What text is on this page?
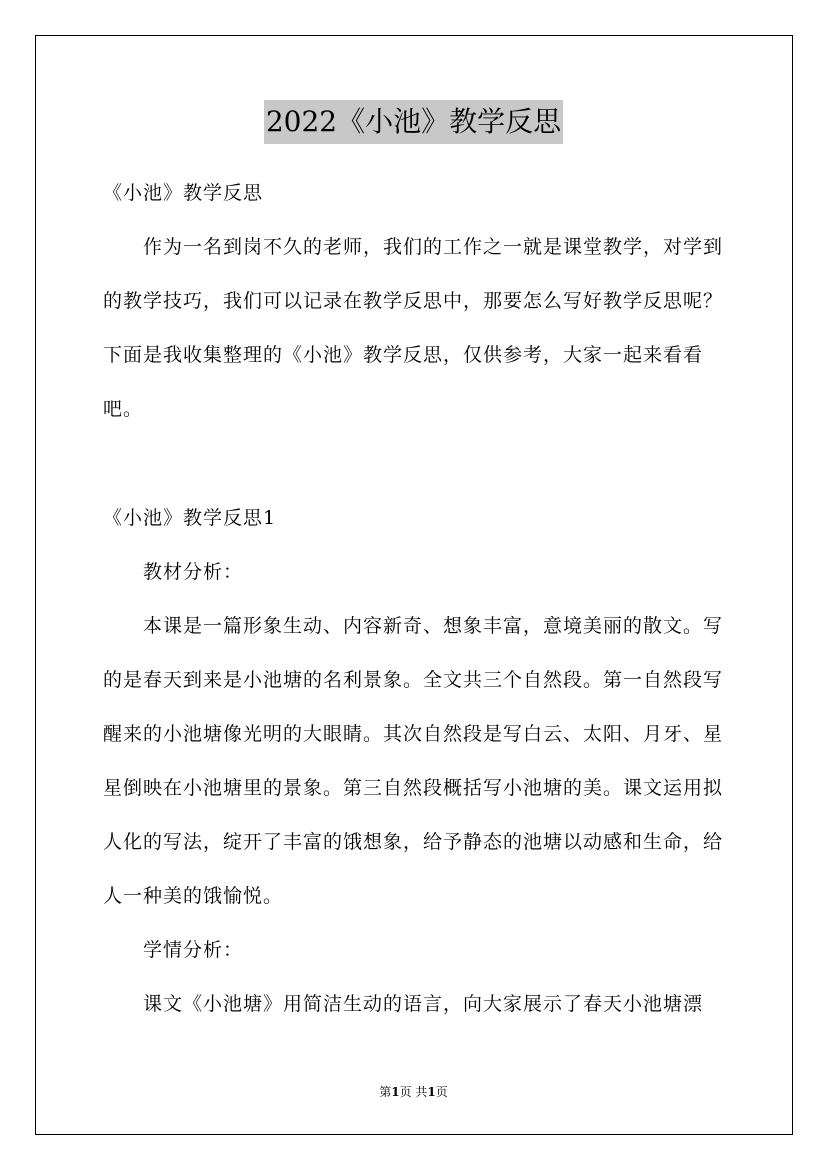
2022《小池》教学反思

《小池》教学反思

作为一名到岗不久的老师，我们的工作之一就是课堂教学，对学到的教学技巧，我们可以记录在教学反思中，那要怎么写好教学反思呢？下面是我收集整理的《小池》教学反思，仅供参考，大家一起来看看吧。

《小池》教学反思1

教材分析：

本课是一篇形象生动、内容新奇、想象丰富，意境美丽的散文。写的是春天到来是小池塘的名利景象。全文共三个自然段。第一自然段写醒来的小池塘像光明的大眼睛。其次自然段是写白云、太阳、月牙、星星倒映在小池塘里的景象。第三自然段概括写小池塘的美。课文运用拟人化的写法，绽开了丰富的饿想象，给予静态的池塘以动感和生命，给人一种美的饿愉悦。

学情分析：

课文《小池塘》用简洁生动的语言，向大家展示了春天小池塘漂

第1页 共1页
